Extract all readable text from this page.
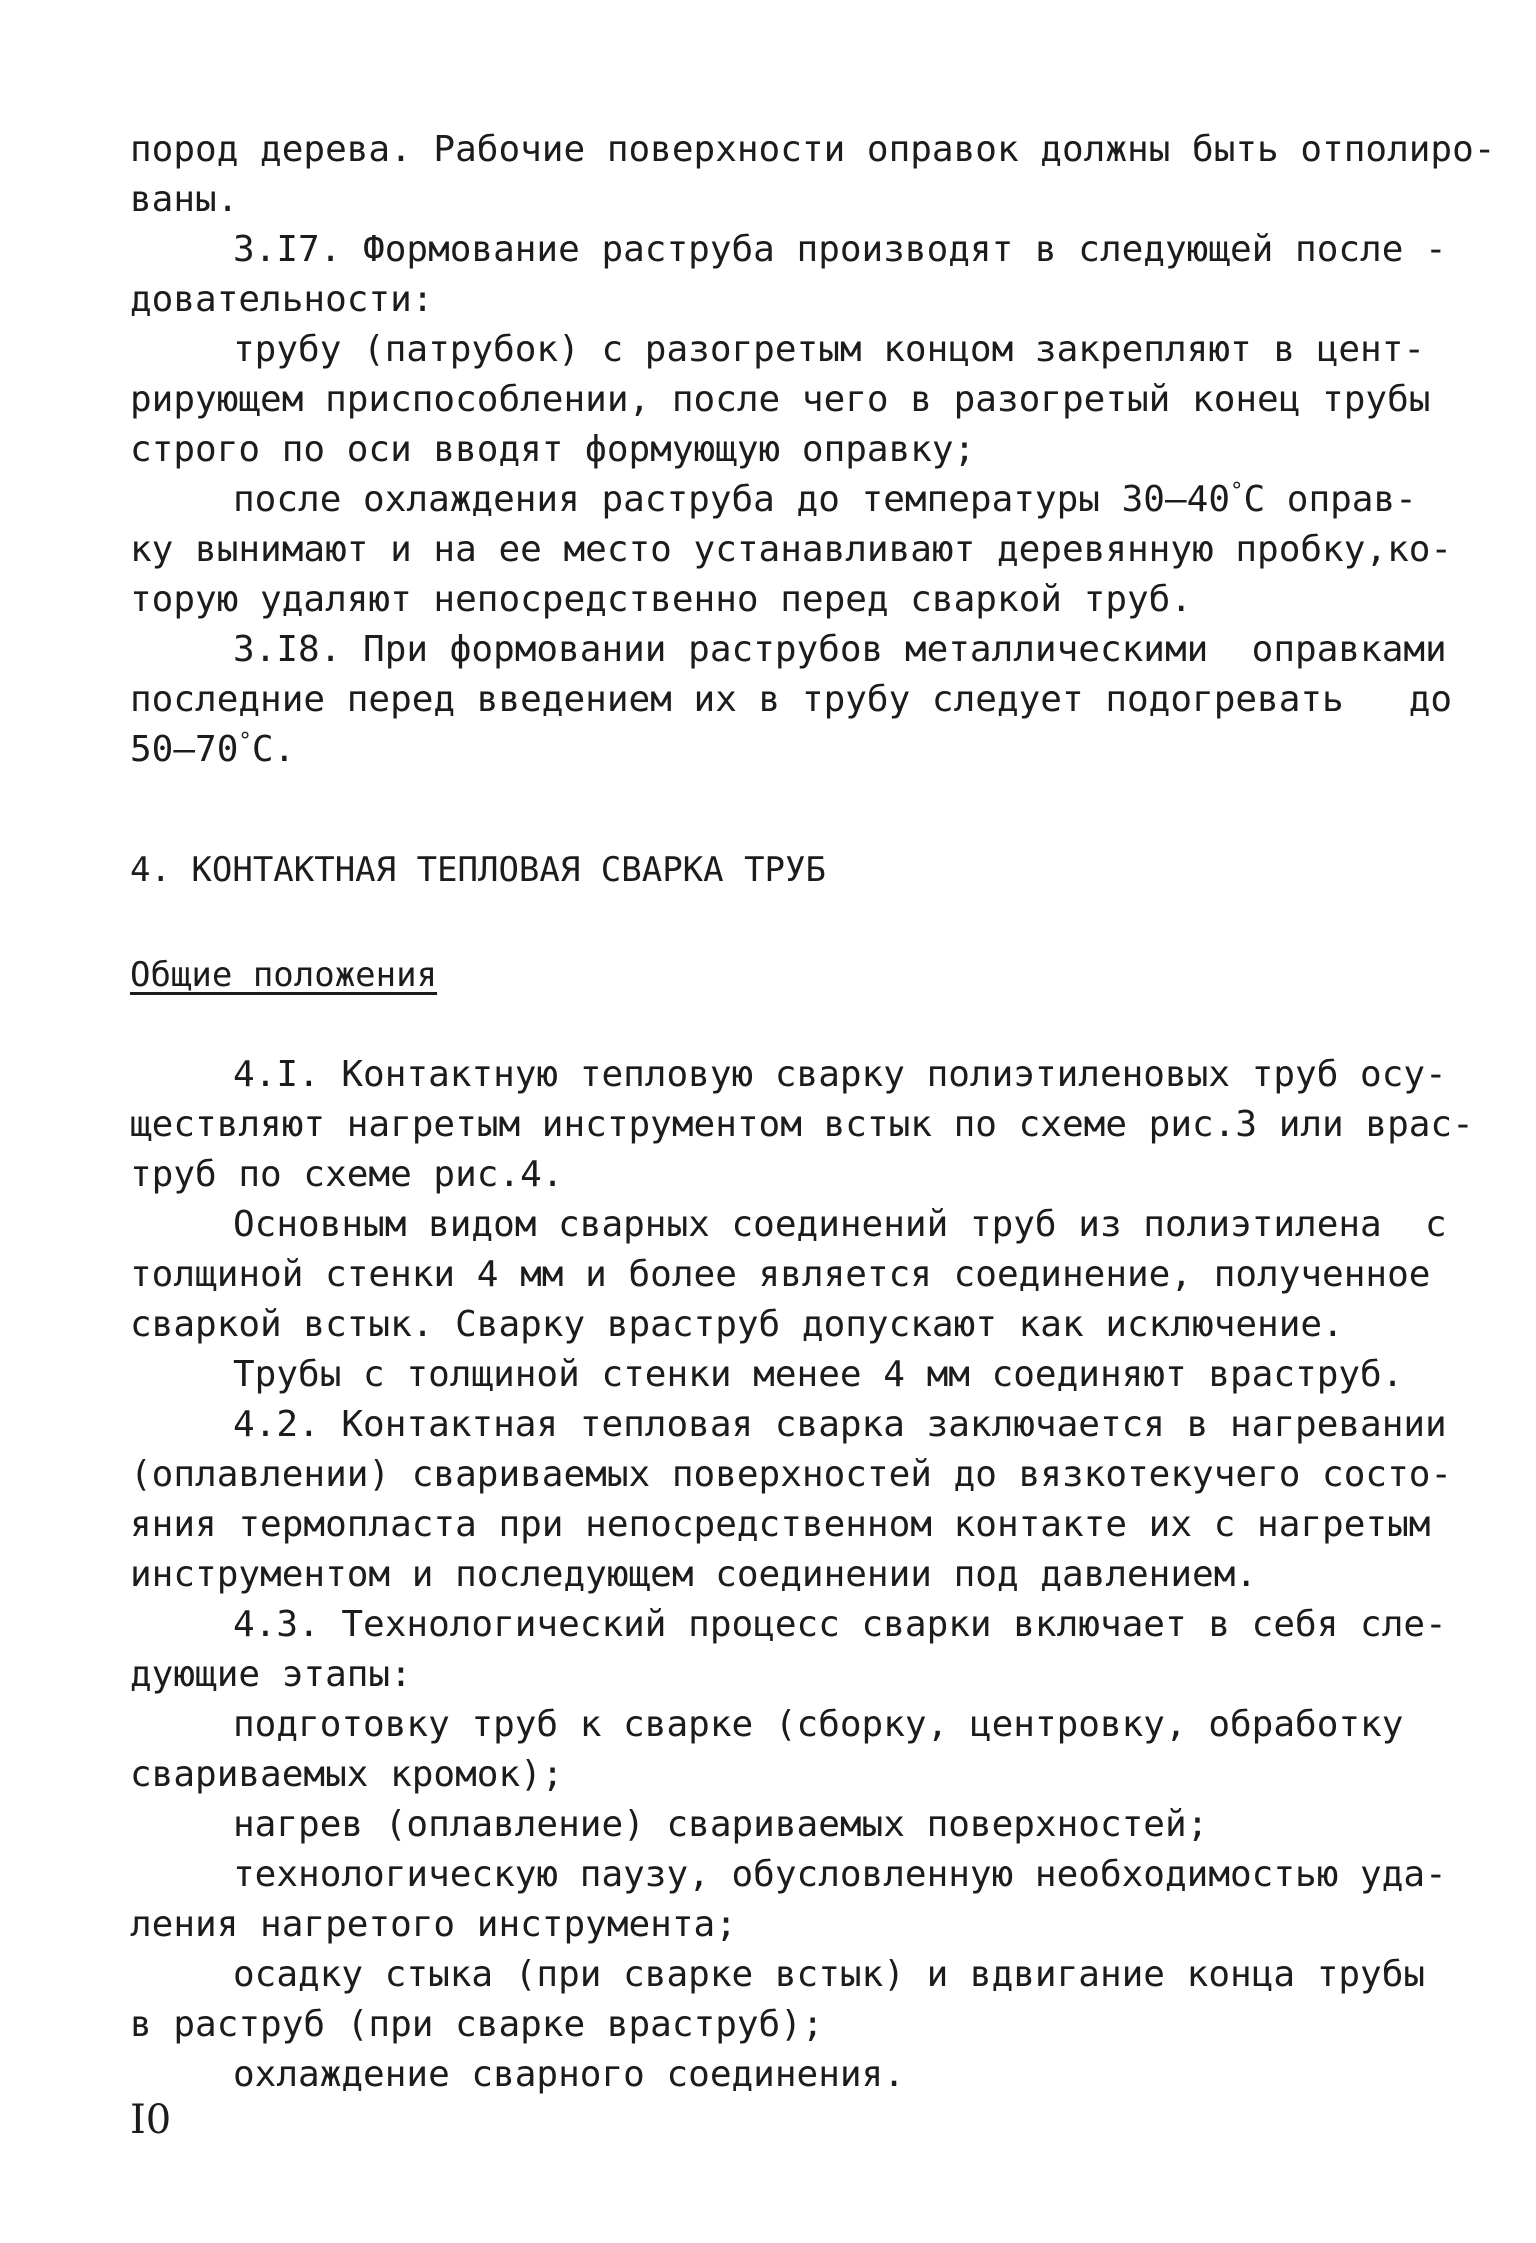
пород дерева. Рабочие поверхности оправок должны быть отполиро-
ваны.
3.I7. Формование раструба производят в следующей после -
довательности:
трубу (патрубок) с разогретым концом закрепляют в цент-
рирующем приспособлении, после чего в разогретый конец трубы
строго по оси вводят формующую оправку;
после охлаждения раструба до температуры 30–40°C оправ-
ку вынимают и на ее место устанавливают деревянную пробку,ко-
торую удаляют непосредственно перед сваркой труб.
3.I8. При формовании раструбов металлическими  оправками
последние перед введением их в трубу следует подогревать   до
50–70°C.
4. КОНТАКТНАЯ ТЕПЛОВАЯ СВАРКА ТРУБ
Общие положения
4.I. Контактную тепловую сварку полиэтиленовых труб осу-
ществляют нагретым инструментом встык по схеме рис.3 или врас-
труб по схеме рис.4.
Основным видом сварных соединений труб из полиэтилена  с
толщиной стенки 4 мм и более является соединение, полученное
сваркой встык. Сварку враструб допускают как исключение.
Трубы с толщиной стенки менее 4 мм соединяют враструб.
4.2. Контактная тепловая сварка заключается в нагревании
(оплавлении) свариваемых поверхностей до вязкотекучего состо-
яния термопласта при непосредственном контакте их с нагретым
инструментом и последующем соединении под давлением.
4.3. Технологический процесс сварки включает в себя сле-
дующие этапы:
подготовку труб к сварке (сборку, центровку, обработку
свариваемых кромок);
нагрев (оплавление) свариваемых поверхностей;
технологическую паузу, обусловленную необходимостью уда-
ления нагретого инструмента;
осадку стыка (при сварке встык) и вдвигание конца трубы
в раструб (при сварке враструб);
охлаждение сварного соединения.
I0
